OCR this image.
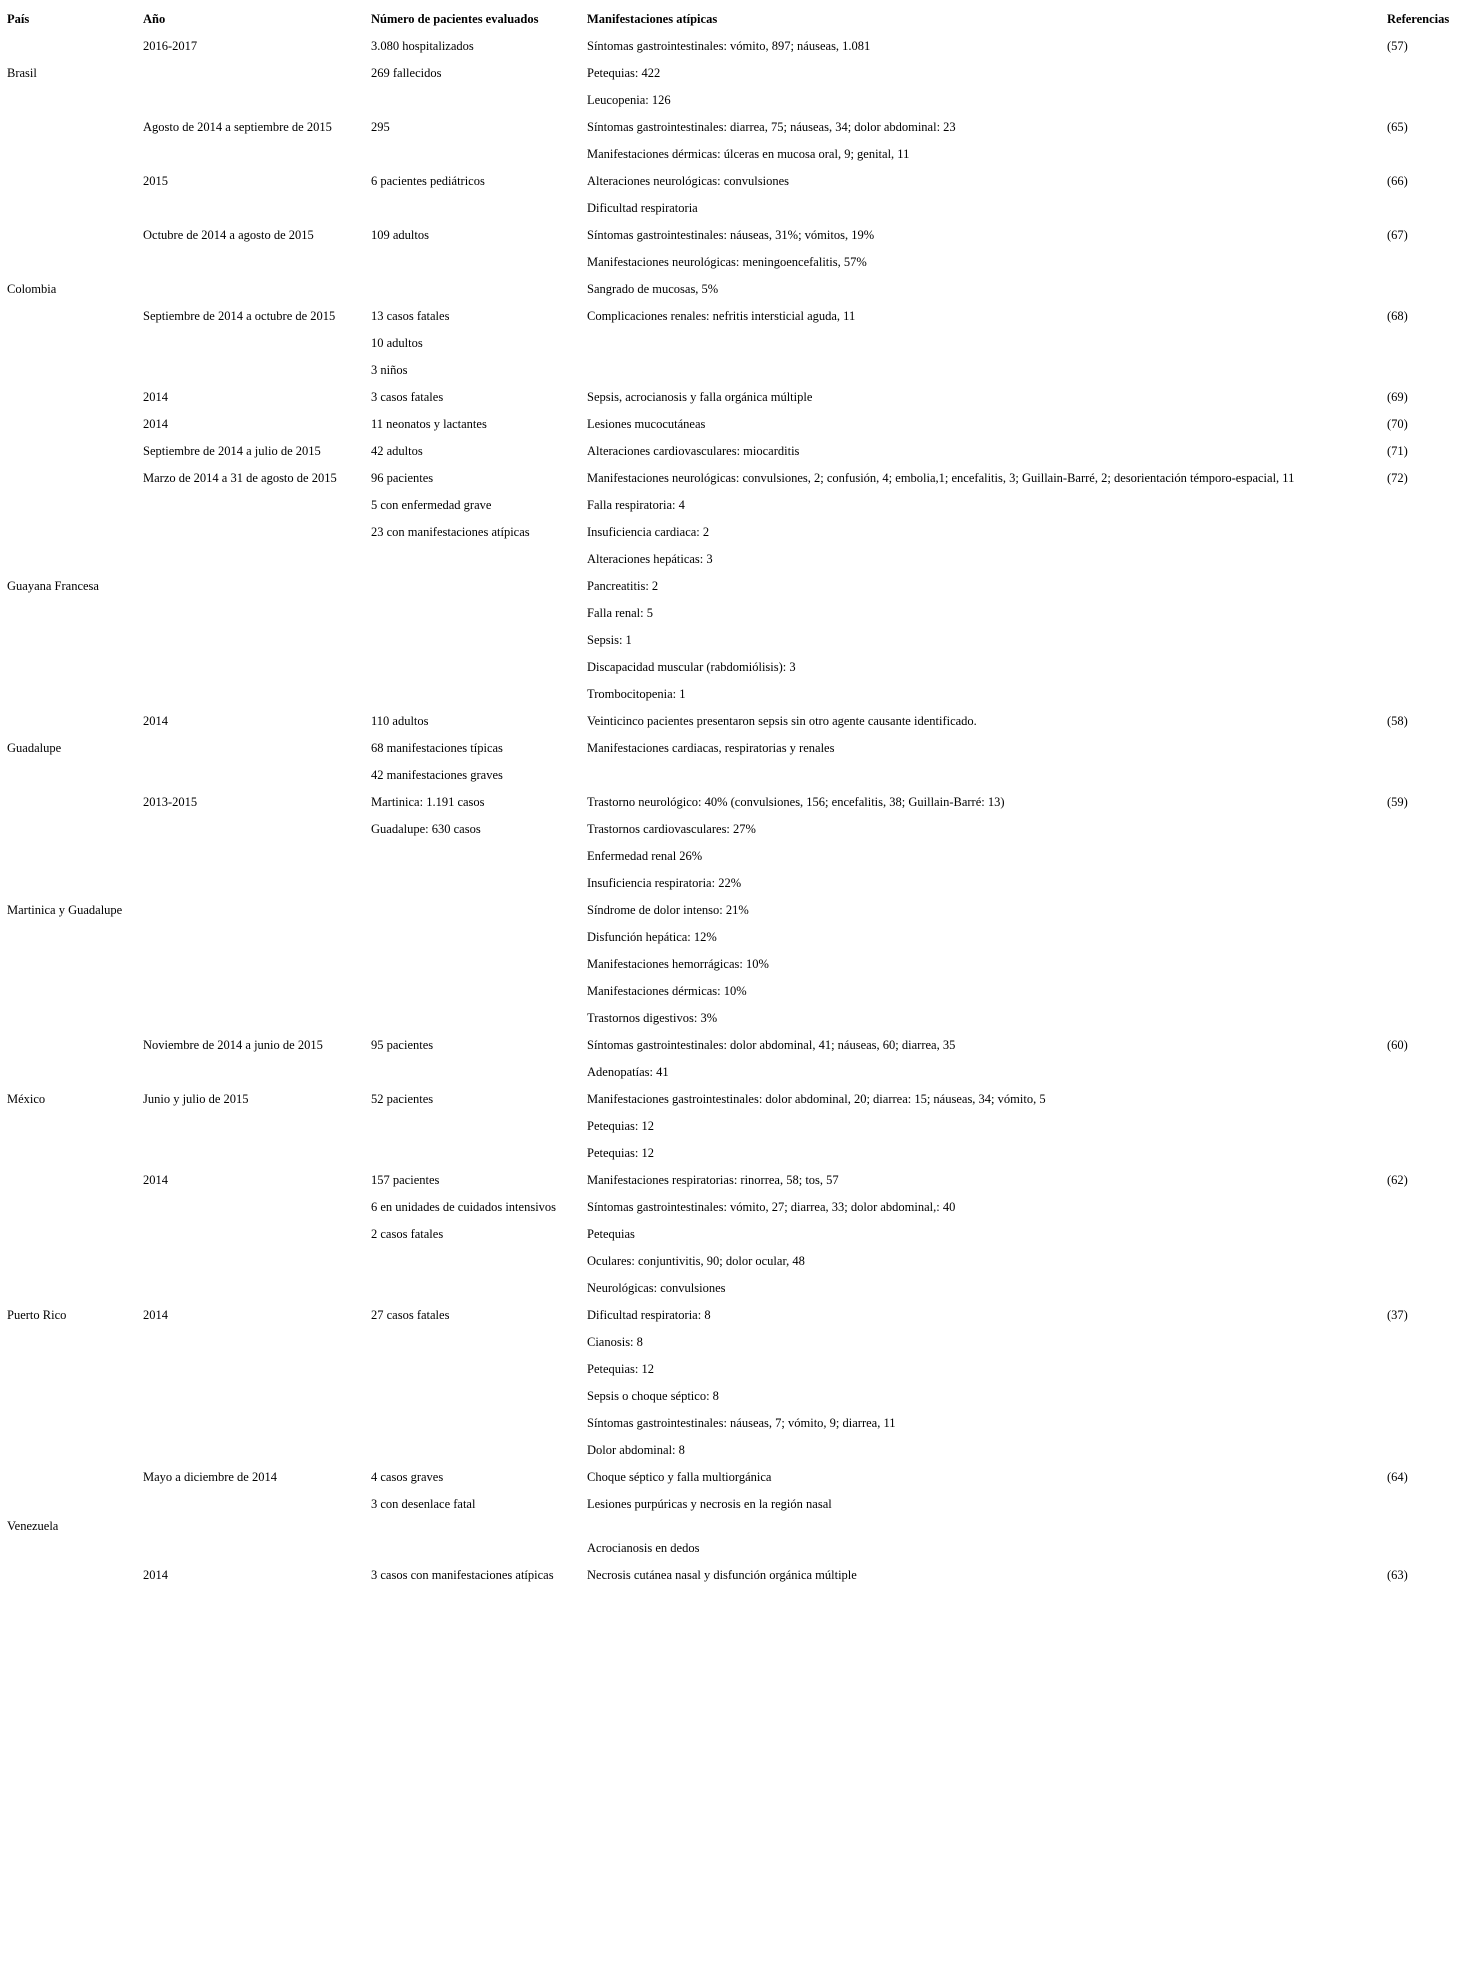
País	Año	Número de pacientes evaluados	Manifestaciones atípicas	Referencias
	2016-2017	3.080 hospitalizados	Síntomas gastrointestinales: vómito, 897; náuseas, 1.081	(57)
Brasil		269 fallecidos	Petequias: 422	
			Leucopenia: 126	
	Agosto de 2014 a septiembre de 2015	295	Síntomas gastrointestinales: diarrea, 75; náuseas, 34; dolor abdominal: 23	(65)
			Manifestaciones dérmicas: úlceras en mucosa oral, 9; genital, 11	
	2015	6 pacientes pediátricos	Alteraciones neurológicas: convulsiones	(66)
			Dificultad respiratoria	
	Octubre de 2014 a agosto de 2015	109 adultos	Síntomas gastrointestinales: náuseas, 31%; vómitos, 19%	(67)
			Manifestaciones neurológicas: meningoencefalitis, 57%	
Colombia			Sangrado de mucosas, 5%	
	Septiembre de 2014 a octubre de 2015	13 casos fatales	Complicaciones renales: nefritis intersticial aguda, 11	(68)
		10 adultos		
		3 niños		
	2014	3 casos fatales	Sepsis, acrocianosis y falla orgánica múltiple	(69)
	2014	11 neonatos y lactantes	Lesiones mucocutáneas	(70)
	Septiembre de 2014 a julio de 2015	42 adultos	Alteraciones cardiovasculares: miocarditis	(71)
	Marzo de 2014 a 31 de agosto de 2015	96 pacientes	Manifestaciones neurológicas: convulsiones, 2; confusión, 4; embolia,1; encefalitis, 3; Guillain-Barré, 2; desorientación témporo-espacial, 11	(72)
		5 con enfermedad grave	Falla respiratoria: 4	
		23 con manifestaciones atípicas	Insuficiencia cardiaca: 2	
			Alteraciones hepáticas: 3	
Guayana Francesa			Pancreatitis: 2	
			Falla renal: 5	
			Sepsis: 1	
			Discapacidad muscular (rabdomiólisis): 3	
			Trombocitopenia: 1	
	2014	110 adultos	Veinticinco pacientes presentaron sepsis sin otro agente causante identificado.	(58)
Guadalupe		68 manifestaciones típicas	Manifestaciones cardiacas, respiratorias y renales	
		42 manifestaciones graves		
	2013-2015	Martinica: 1.191 casos	Trastorno neurológico: 40% (convulsiones, 156; encefalitis, 38; Guillain-Barré: 13)	(59)
		Guadalupe: 630 casos	Trastornos cardiovasculares: 27%	
			Enfermedad renal 26%	
			Insuficiencia respiratoria: 22%	
Martinica y Guadalupe			Síndrome de dolor intenso: 21%	
			Disfunción hepática: 12%	
			Manifestaciones hemorrágicas: 10%	
			Manifestaciones dérmicas: 10%	
			Trastornos digestivos: 3%	
	Noviembre de 2014 a junio de 2015	95 pacientes	Síntomas gastrointestinales: dolor abdominal, 41; náuseas, 60; diarrea, 35	(60)
			Adenopatías: 41	
México	Junio y julio de 2015	52 pacientes	Manifestaciones gastrointestinales: dolor abdominal, 20; diarrea: 15; náuseas, 34; vómito, 5	
			Petequias: 12	
			Petequias: 12	
	2014	157 pacientes	Manifestaciones respiratorias: rinorrea, 58; tos, 57	(62)
		6 en unidades de cuidados intensivos	Síntomas gastrointestinales: vómito, 27; diarrea, 33; dolor abdominal,: 40	
		2 casos fatales	Petequias	
			Oculares: conjuntivitis, 90; dolor ocular, 48	
			Neurológicas: convulsiones	
Puerto Rico	2014	27 casos fatales	Dificultad respiratoria: 8	(37)
			Cianosis: 8	
			Petequias: 12	
			Sepsis o choque séptico: 8	
			Síntomas gastrointestinales: náuseas, 7; vómito, 9; diarrea, 11	
			Dolor abdominal: 8	
	Mayo a diciembre de 2014	4 casos graves	Choque séptico y falla multiorgánica	(64)
		3 con desenlace fatal	Lesiones purpúricas y necrosis en la región nasal	
Venezuela				
			Acrocianosis en dedos	
	2014	3 casos con manifestaciones atípicas	Necrosis cutánea nasal y disfunción orgánica múltiple	(63)
